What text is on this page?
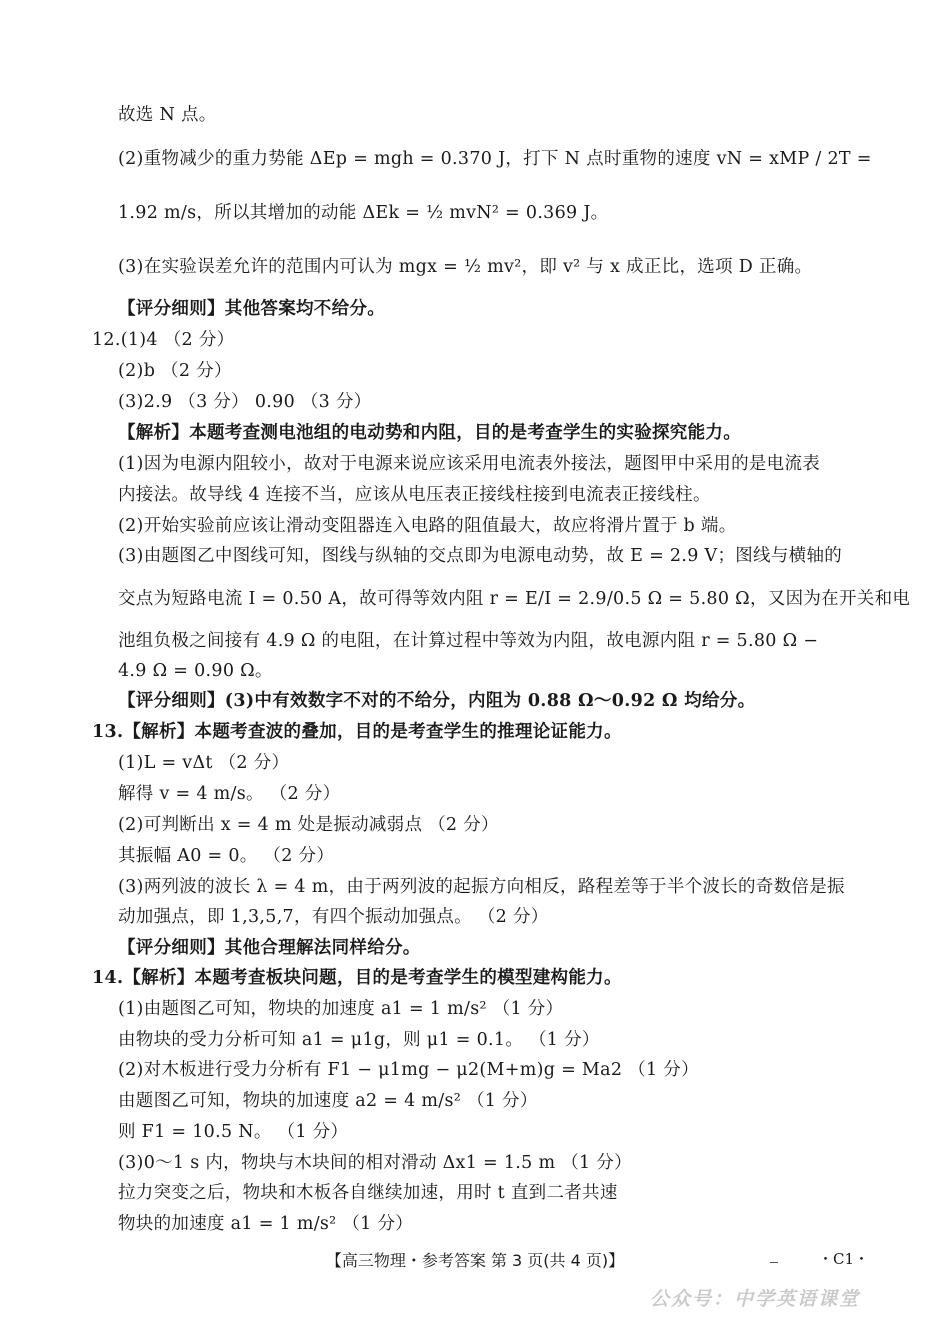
故选 N 点。
(2)重物减少的重力势能 ΔEp = mgh = 0.370 J，打下 N 点时重物的速度 vN = xMP / 2T =
1.92 m/s，所以其增加的动能 ΔEk = ½ mvN² = 0.369 J。
(3)在实验误差允许的范围内可认为 mgx = ½ mv²，即 v² 与 x 成正比，选项 D 正确。
【评分细则】其他答案均不给分。
12.(1)4 （2 分）
(2)b （2 分）
(3)2.9 （3 分） 0.90 （3 分）
【解析】本题考查测电池组的电动势和内阻，目的是考查学生的实验探究能力。
(1)因为电源内阻较小，故对于电源来说应该采用电流表外接法，题图甲中采用的是电流表
内接法。故导线 4 连接不当，应该从电压表正接线柱接到电流表正接线柱。
(2)开始实验前应该让滑动变阻器连入电路的阻值最大，故应将滑片置于 b 端。
(3)由题图乙中图线可知，图线与纵轴的交点即为电源电动势，故 E = 2.9 V；图线与横轴的
交点为短路电流 I = 0.50 A，故可得等效内阻 r = E/I = 2.9/0.5 Ω = 5.80 Ω，又因为在开关和电
池组负极之间接有 4.9 Ω 的电阻，在计算过程中等效为内阻，故电源内阻 r = 5.80 Ω −
4.9 Ω = 0.90 Ω。
【评分细则】(3)中有效数字不对的不给分，内阻为 0.88 Ω～0.92 Ω 均给分。
13.【解析】本题考查波的叠加，目的是考查学生的推理论证能力。
(1)L = vΔt （2 分）
解得 v = 4 m/s。 （2 分）
(2)可判断出 x = 4 m 处是振动减弱点 （2 分）
其振幅 A0 = 0。 （2 分）
(3)两列波的波长 λ = 4 m，由于两列波的起振方向相反，路程差等于半个波长的奇数倍是振
动加强点，即 1,3,5,7，有四个振动加强点。 （2 分）
【评分细则】其他合理解法同样给分。
14.【解析】本题考查板块问题，目的是考查学生的模型建构能力。
(1)由题图乙可知，物块的加速度 a1 = 1 m/s² （1 分）
由物块的受力分析可知 a1 = μ1g，则 μ1 = 0.1。 （1 分）
(2)对木板进行受力分析有 F1 − μ1mg − μ2(M+m)g = Ma2 （1 分）
由题图乙可知，物块的加速度 a2 = 4 m/s² （1 分）
则 F1 = 10.5 N。 （1 分）
(3)0～1 s 内，物块与木块间的相对滑动 Δx1 = 1.5 m （1 分）
拉力突变之后，物块和木板各自继续加速，用时 t 直到二者共速
物块的加速度 a1 = 1 m/s² （1 分）
【高三物理・参考答案 第 3 页(共 4 页)】	・C1・
公众号：中学英语课堂
